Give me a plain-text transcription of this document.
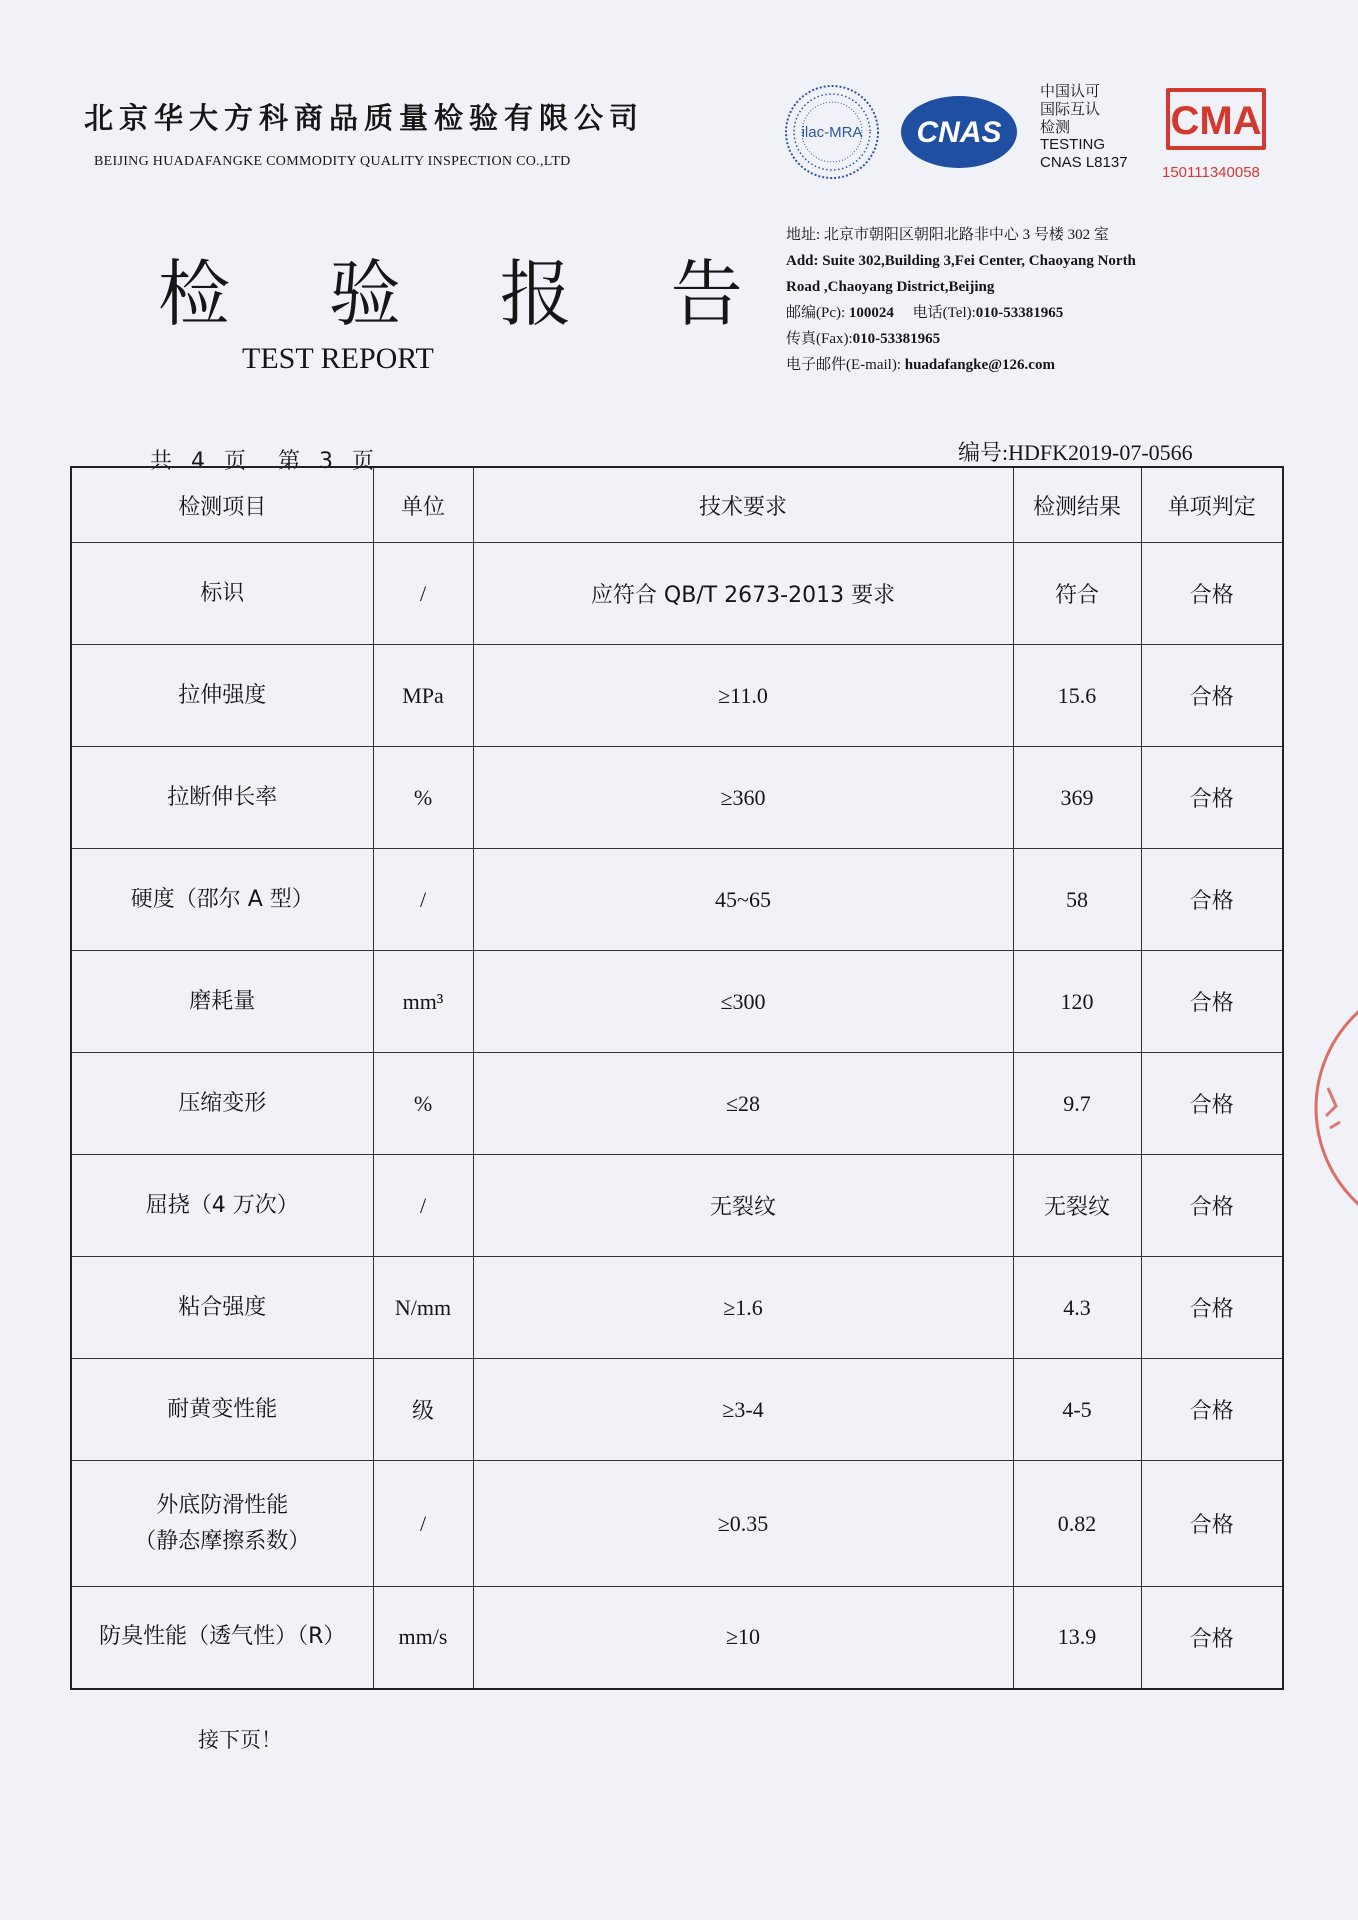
北京华大方科商品质量检验有限公司
BEIJING HUADAFANGKE COMMODITY QUALITY INSPECTION CO.,LTD
检 验 报 告
TEST REPORT
ilac-MRA CNAS
中国认可
国际互认
检测
TESTING
CNAS L8137
CMA
150111340058
地址: 北京市朝阳区朝阳北路非中心 3 号楼 302 室
Add: Suite 302,Building 3,Fei Center, Chaoyang North
Road ,Chaoyang District,Beijing
邮编(Pc): 100024 电话(Tel):010-53381965
传真(Fax):010-53381965
电子邮件(E-mail): huadafangke@126.com
共 4 页 第 3 页	编号:HDFK2019-07-0566
检测项目	单位	技术要求	检测结果	单项判定
标识	/	应符合 QB/T 2673-2013 要求	符合	合格
拉伸强度	MPa	≥11.0	15.6	合格
拉断伸长率	%	≥360	369	合格
硬度（邵尔 A 型）	/	45~65	58	合格
磨耗量	mm³	≤300	120	合格
压缩变形	%	≤28	9.7	合格
屈挠（4 万次）	/	无裂纹	无裂纹	合格
粘合强度	N/mm	≥1.6	4.3	合格
耐黄变性能	级	≥3-4	4-5	合格

外底防滑性能
（静态摩擦系数）	/	≥0.35	0.82	合格
防臭性能（透气性）（R）	mm/s	≥10	13.9	合格
接下页！
